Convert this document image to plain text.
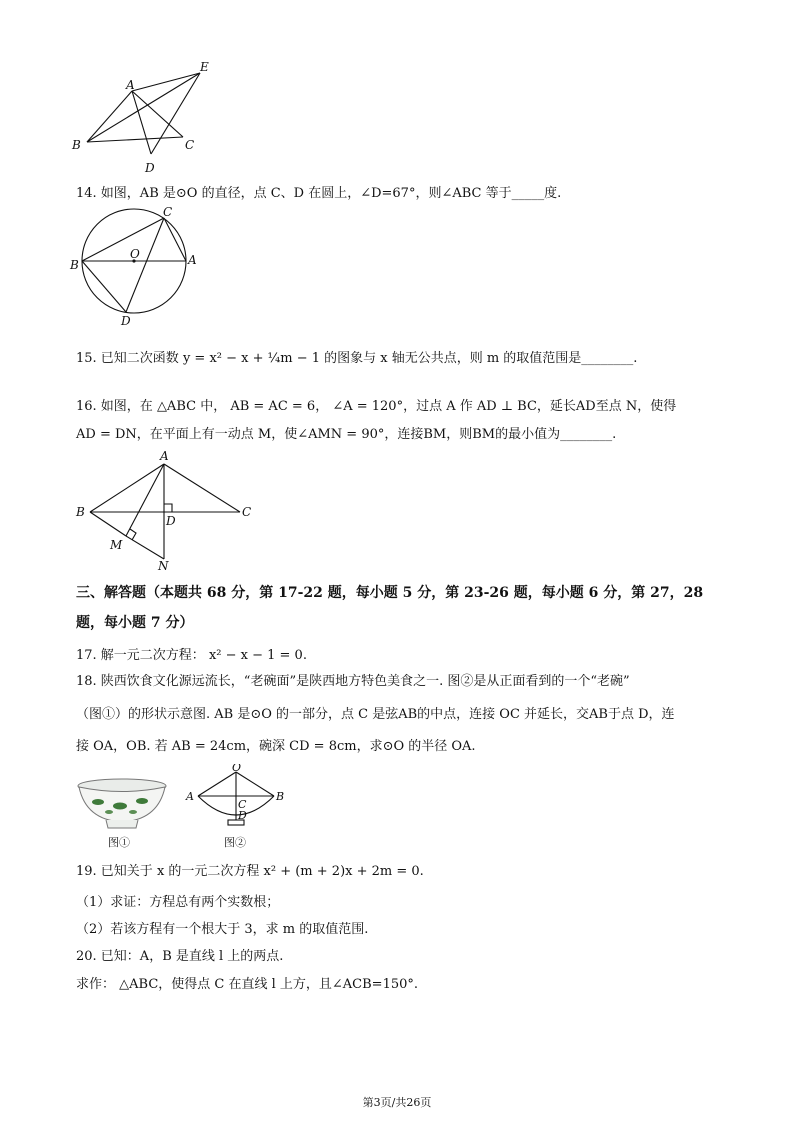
A
E
B	C
D
14. 如图，AB 是⊙O 的直径，点 C、D 在圆上，∠D=67°，则∠ABC 等于_____度.
O
C
B	A
D
15. 已知二次函数 y = x² − x + ¼m − 1 的图象与 x 轴无公共点，则 m 的取值范围是________.
16. 如图，在 △ABC 中， AB = AC = 6， ∠A = 120°，过点 A 作 AD ⊥ BC，延长AD至点 N，使得
AD = DN，在平面上有一动点 M，使∠AMN = 90°，连接BM，则BM的最小值为________.
A
B	C
D
M
N
三、解答题（本题共 68 分，第 17-22 题，每小题 5 分，第 23-26 题，每小题 6 分，第 27，28
题，每小题 7 分）
17. 解一元二次方程： x² − x − 1 = 0.
18. 陕西饮食文化源远流长，“老碗面”是陕西地方特色美食之一. 图②是从正面看到的一个“老碗”
（图①）的形状示意图. AB 是⊙O 的一部分，点 C 是弦AB的中点，连接 OC 并延长，交AB于点 D，连
接 OA，OB. 若 AB = 24cm，碗深 CD = 8cm，求⊙O 的半径 OA.
图①
O
A	B
C
D
图②
19. 已知关于 x 的一元二次方程 x² + (m + 2)x + 2m = 0.
（1）求证：方程总有两个实数根；
（2）若该方程有一个根大于 3，求 m 的取值范围.
20. 已知：A，B 是直线 l 上的两点.
求作： △ABC，使得点 C 在直线 l 上方，且∠ACB=150°.
第3页/共26页
